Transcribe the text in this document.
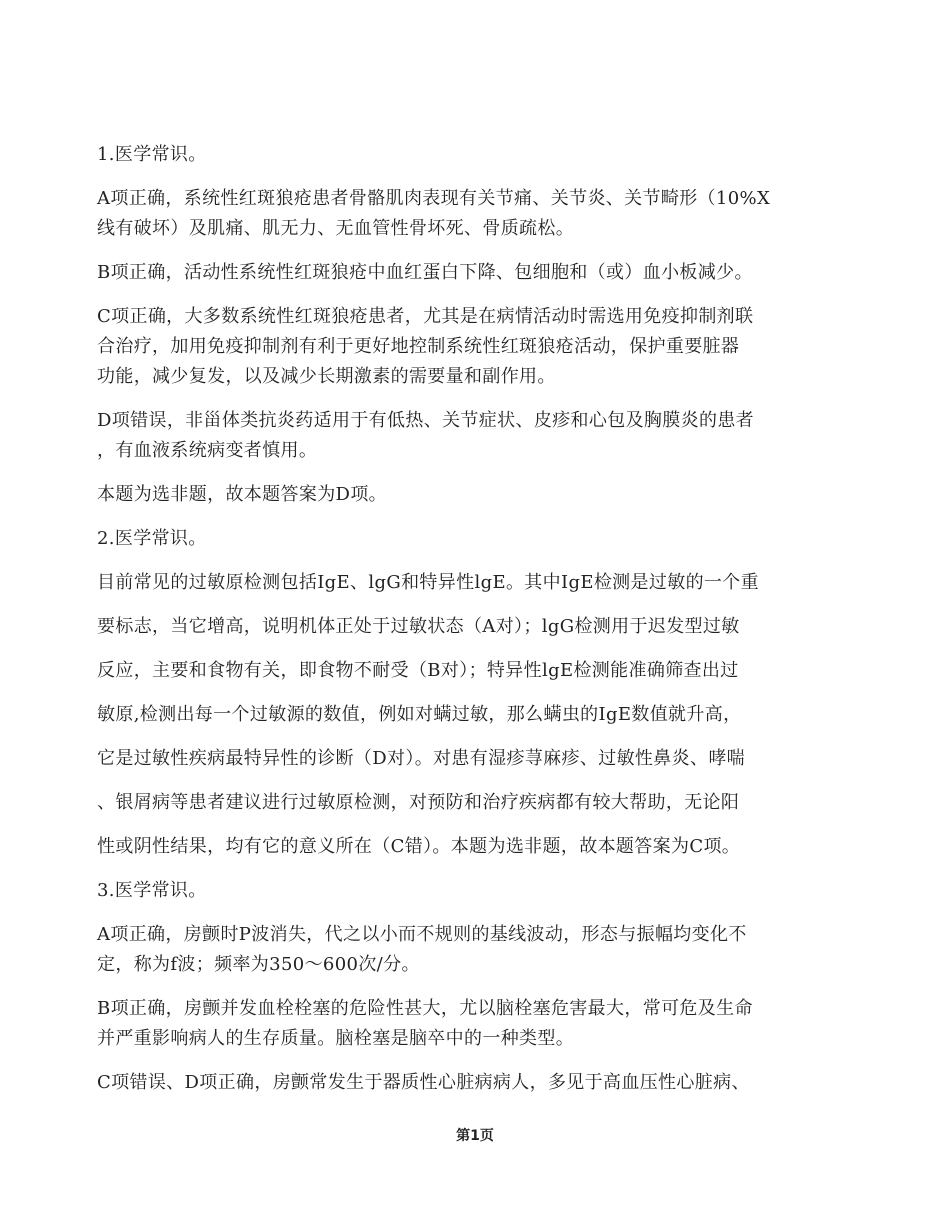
1.医学常识。

A项正确，系统性红斑狼疮患者骨骼肌肉表现有关节痛、关节炎、关节畸形（10%X

线有破坏）及肌痛、肌无力、无血管性骨坏死、骨质疏松。

B项正确，活动性系统性红斑狼疮中血红蛋白下降、包细胞和（或）血小板减少。

C项正确，大多数系统性红斑狼疮患者，尤其是在病情活动时需选用免疫抑制剂联

合治疗，加用免疫抑制剂有利于更好地控制系统性红斑狼疮活动，保护重要脏器

功能，减少复发，以及减少长期激素的需要量和副作用。

D项错误，非甾体类抗炎药适用于有低热、关节症状、皮疹和心包及胸膜炎的患者

，有血液系统病变者慎用。

本题为选非题，故本题答案为D项。

2.医学常识。

目前常见的过敏原检测包括IgE、lgG和特异性lgE。其中IgE检测是过敏的一个重

要标志，当它增高，说明机体正处于过敏状态（A对）；lgG检测用于迟发型过敏

反应，主要和食物有关，即食物不耐受（B对）；特异性lgE检测能准确筛查出过

敏原,检测出每一个过敏源的数值，例如对螨过敏，那么螨虫的IgE数值就升高，

它是过敏性疾病最特异性的诊断（D对）。对患有湿疹荨麻疹、过敏性鼻炎、哮喘

、银屑病等患者建议进行过敏原检测，对预防和治疗疾病都有较大帮助，无论阳

性或阴性结果，均有它的意义所在（C错）。本题为选非题，故本题答案为C项。

3.医学常识。

A项正确，房颤时P波消失，代之以小而不规则的基线波动，形态与振幅均变化不

定，称为f波；频率为350～600次/分。

B项正确，房颤并发血栓栓塞的危险性甚大，尤以脑栓塞危害最大，常可危及生命

并严重影响病人的生存质量。脑栓塞是脑卒中的一种类型。

C项错误、D项正确，房颤常发生于器质性心脏病病人，多见于高血压性心脏病、

第1页
